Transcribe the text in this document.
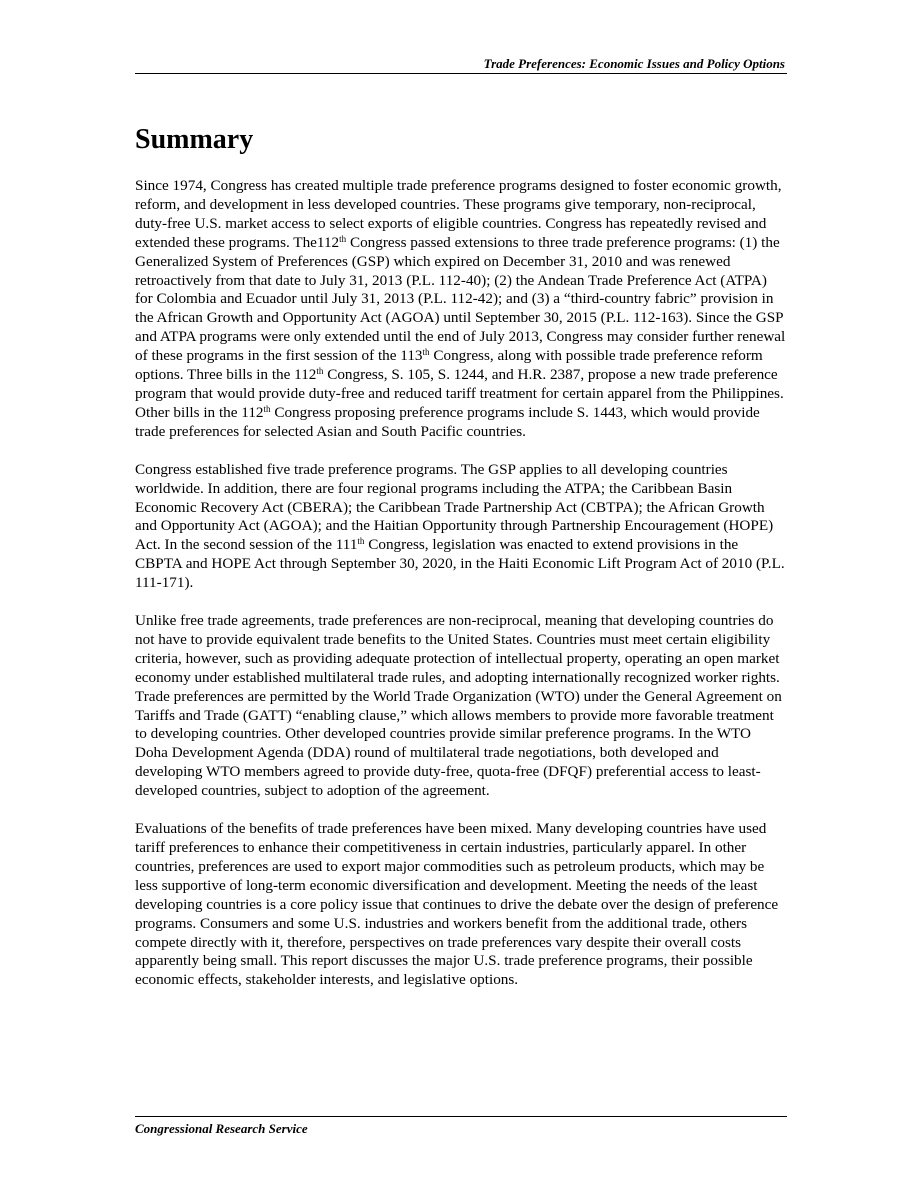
Trade Preferences: Economic Issues and Policy Options
Summary

Since 1974, Congress has created multiple trade preference programs designed to foster economic growth, reform, and development in less developed countries. These programs give temporary, non-reciprocal, duty-free U.S. market access to select exports of eligible countries. Congress has repeatedly revised and extended these programs. The112th Congress passed extensions to three trade preference programs: (1) the Generalized System of Preferences (GSP) which expired on December 31, 2010 and was renewed retroactively from that date to July 31, 2013 (P.L. 112-40); (2) the Andean Trade Preference Act (ATPA) for Colombia and Ecuador until July 31, 2013 (P.L. 112-42); and (3) a “third-country fabric” provision in the African Growth and Opportunity Act (AGOA) until September 30, 2015 (P.L. 112-163). Since the GSP and ATPA programs were only extended until the end of July 2013, Congress may consider further renewal of these programs in the first session of the 113th Congress, along with possible trade preference reform options. Three bills in the 112th Congress, S. 105, S. 1244, and H.R. 2387, propose a new trade preference program that would provide duty-free and reduced tariff treatment for certain apparel from the Philippines. Other bills in the 112th Congress proposing preference programs include S. 1443, which would provide trade preferences for selected Asian and South Pacific countries.

Congress established five trade preference programs. The GSP applies to all developing countries worldwide. In addition, there are four regional programs including the ATPA; the Caribbean Basin Economic Recovery Act (CBERA); the Caribbean Trade Partnership Act (CBTPA); the African Growth and Opportunity Act (AGOA); and the Haitian Opportunity through Partnership Encouragement (HOPE) Act. In the second session of the 111th Congress, legislation was enacted to extend provisions in the CBPTA and HOPE Act through September 30, 2020, in the Haiti Economic Lift Program Act of 2010 (P.L. 111-171).

Unlike free trade agreements, trade preferences are non-reciprocal, meaning that developing countries do not have to provide equivalent trade benefits to the United States. Countries must meet certain eligibility criteria, however, such as providing adequate protection of intellectual property, operating an open market economy under established multilateral trade rules, and adopting internationally recognized worker rights. Trade preferences are permitted by the World Trade Organization (WTO) under the General Agreement on Tariffs and Trade (GATT) “enabling clause,” which allows members to provide more favorable treatment to developing countries. Other developed countries provide similar preference programs. In the WTO Doha Development Agenda (DDA) round of multilateral trade negotiations, both developed and developing WTO members agreed to provide duty-free, quota-free (DFQF) preferential access to least-developed countries, subject to adoption of the agreement.

Evaluations of the benefits of trade preferences have been mixed. Many developing countries have used tariff preferences to enhance their competitiveness in certain industries, particularly apparel. In other countries, preferences are used to export major commodities such as petroleum products, which may be less supportive of long-term economic diversification and development. Meeting the needs of the least developing countries is a core policy issue that continues to drive the debate over the design of preference programs. Consumers and some U.S. industries and workers benefit from the additional trade, others compete directly with it, therefore, perspectives on trade preferences vary despite their overall costs apparently being small. This report discusses the major U.S. trade preference programs, their possible economic effects, stakeholder interests, and legislative options.

Congressional Research Service
